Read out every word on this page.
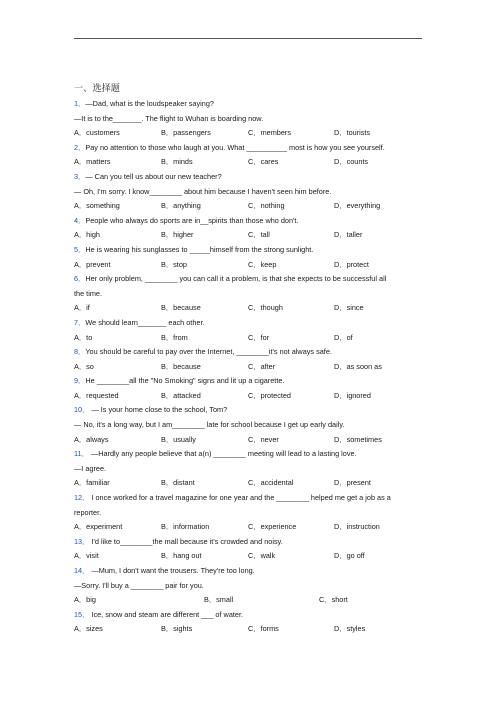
一、选择题
1．—Dad, what is the loudspeaker saying?
—It is to the_______. The flight to Wuhan is boarding now.
A．customers	B．passengers	C．members	D．tourists
2．Pay no attention to those who laugh at you. What __________ most is how you see yourself.
A．matters	B．minds	C．cares	D．counts
3．— Can you tell us about our new teacher?
— Oh, I'm sorry. I know________ about him because I haven't seen him before.
A．something	B．anything	C．nothing	D．everything
4．People who always do sports are in__spirits than those who don't.
A．high	B．higher	C．tall	D．taller
5．He is wearing his sunglasses to _____himself from the strong sunlight.
A．prevent	B．stop	C．keep	D．protect
6．Her only problem, ________ you can call it a problem, is that she expects to be successful all
the time.
A．if	B．because	C．though	D．since
7．We should learn_______ each other.
A．to	B．from	C．for	D．of
8．You should be careful to pay over the Internet, ________it's not always safe.
A．so	B．because	C．after	D．as soon as
9．He ________all the "No Smoking" signs and lit up a cigarette.
A．requested	B．attacked	C．protected	D．ignored
10． — Is your home close to the school, Tom?
— No, it's a long way, but I am________ late for school because I get up early daily.
A．always	B．usually	C．never	D．sometimes
11． —Hardly any people believe that a(n) ________ meeting will lead to a lasting love.
—I agree.
A．familiar	B．distant	C．accidental	D．present
12． I once worked for a travel magazine for one year and the ________ helped me get a job as a
reporter.
A．experiment	B．information	C．experience	D．instruction
13． I'd like to________the mall because it's crowded and noisy.
A．visit	B．hang out	C．walk	D．go off
14． —Mum, I don't want the trousers. They're too long.
—Sorry. I'll buy a ________ pair for you.
A．big	B．small	C．short
15． Ice, snow and steam are different ___ of water.
A．sizes	B．sights	C．forms	D．styles
